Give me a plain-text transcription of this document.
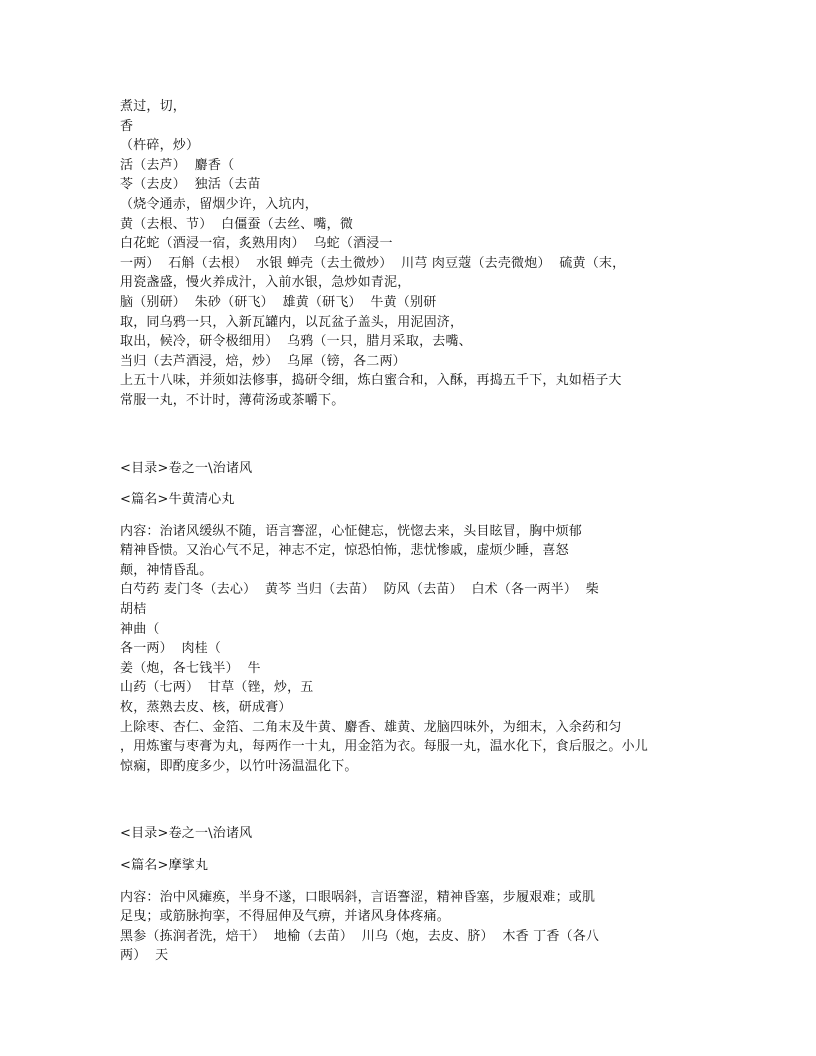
煮过，切，
香
（杵碎，炒）
活（去芦）  麝香（
苓（去皮）  独活（去苗
（烧令通赤，留烟少许，入坑内，
黄（去根、节）  白僵蚕（去丝、嘴，微
白花蛇（酒浸一宿，炙熟用肉）  乌蛇（酒浸一
一两）  石斛（去根）  水银 蝉壳（去土微炒）  川芎 肉豆蔻（去壳微炮）  硫黄（末，
用瓷盏盛，慢火养成汁，入前水银，急炒如青泥，
脑（别研）  朱砂（研飞）  雄黄（研飞）  牛黄（别研
取，同乌鸦一只，入新瓦罐内，以瓦盆子盖头，用泥固济，
取出，候冷，研令极细用）  乌鸦（一只，腊月采取，去嘴、
当归（去芦酒浸，焙，炒）  乌犀（镑，各二两）
上五十八味，并须如法修事，捣研令细，炼白蜜合和，入酥，再捣五千下，丸如梧子大
常服一丸，不计时，薄荷汤或茶嚼下。
<目录>卷之一\治诸风
<篇名>牛黄清心丸
内容：治诸风缓纵不随，语言謇涩，心怔健忘，恍惚去来，头目眩冒，胸中烦郁
精神昏愦。又治心气不足，神志不定，惊恐怕怖，悲忧惨戚，虚烦少睡，喜怒
颠，神情昏乱。
白芍药 麦门冬（去心）  黄芩 当归（去苗）  防风（去苗）  白术（各一两半）  柴
胡桔
神曲（
各一两）  肉桂（
姜（炮，各七钱半）  牛
山药（七两）  甘草（锉，炒，五
枚，蒸熟去皮、核，研成膏）
上除枣、杏仁、金箔、二角末及牛黄、麝香、雄黄、龙脑四味外，为细末，入余药和匀
，用炼蜜与枣膏为丸，每两作一十丸，用金箔为衣。每服一丸，温水化下，食后服之。小儿
惊痫，即酌度多少，以竹叶汤温温化下。
<目录>卷之一\治诸风
<篇名>摩挲丸
内容：治中风瘫痪，半身不遂，口眼㖞斜，言语謇涩，精神昏塞，步履艰难；或肌
足曳；或筋脉拘挛，不得屈伸及气痹，并诸风身体疼痛。
黑参（拣润者洗，焙干）  地榆（去苗）  川乌（炮，去皮、脐）  木香 丁香（各八
两）  天
